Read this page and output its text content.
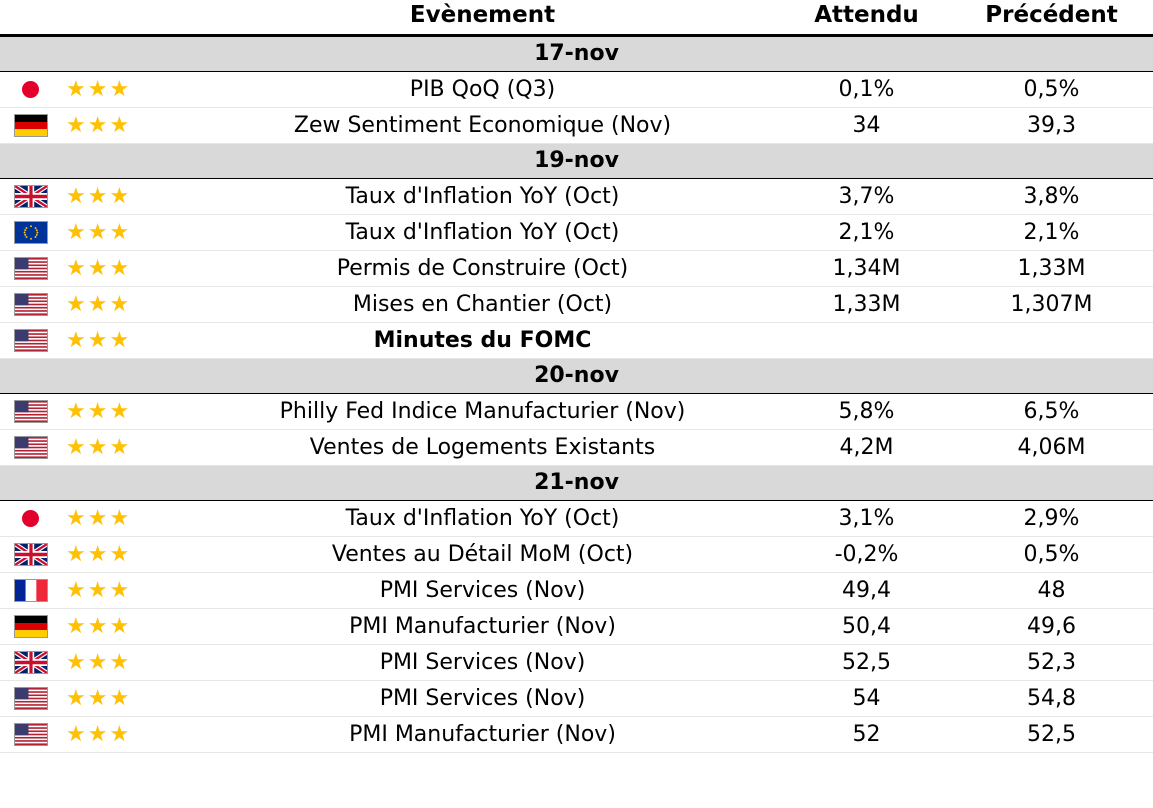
		Evènement	Attendu	Précédent
17-nov				

	★★★	PIB QoQ (Q3)	0,1%	0,5%

	★★★	Zew Sentiment Economique (Nov)	34	39,3
19-nov				

	★★★	Taux d'Inflation YoY (Oct)	3,7%	3,8%

	★★★	Taux d'Inflation YoY (Oct)	2,1%	2,1%

	★★★	Permis de Construire (Oct)	1,34M	1,33M

	★★★	Mises en Chantier (Oct)	1,33M	1,307M

	★★★	Minutes du FOMC		
20-nov				

	★★★	Philly Fed Indice Manufacturier (Nov)	5,8%	6,5%

	★★★	Ventes de Logements Existants	4,2M	4,06M
21-nov				

	★★★	Taux d'Inflation YoY (Oct)	3,1%	2,9%

	★★★	Ventes au Détail MoM (Oct)	-0,2%	0,5%

	★★★	PMI Services (Nov)	49,4	48

	★★★	PMI Manufacturier (Nov)	50,4	49,6

	★★★	PMI Services (Nov)	52,5	52,3

	★★★	PMI Services (Nov)	54	54,8

	★★★	PMI Manufacturier (Nov)	52	52,5
